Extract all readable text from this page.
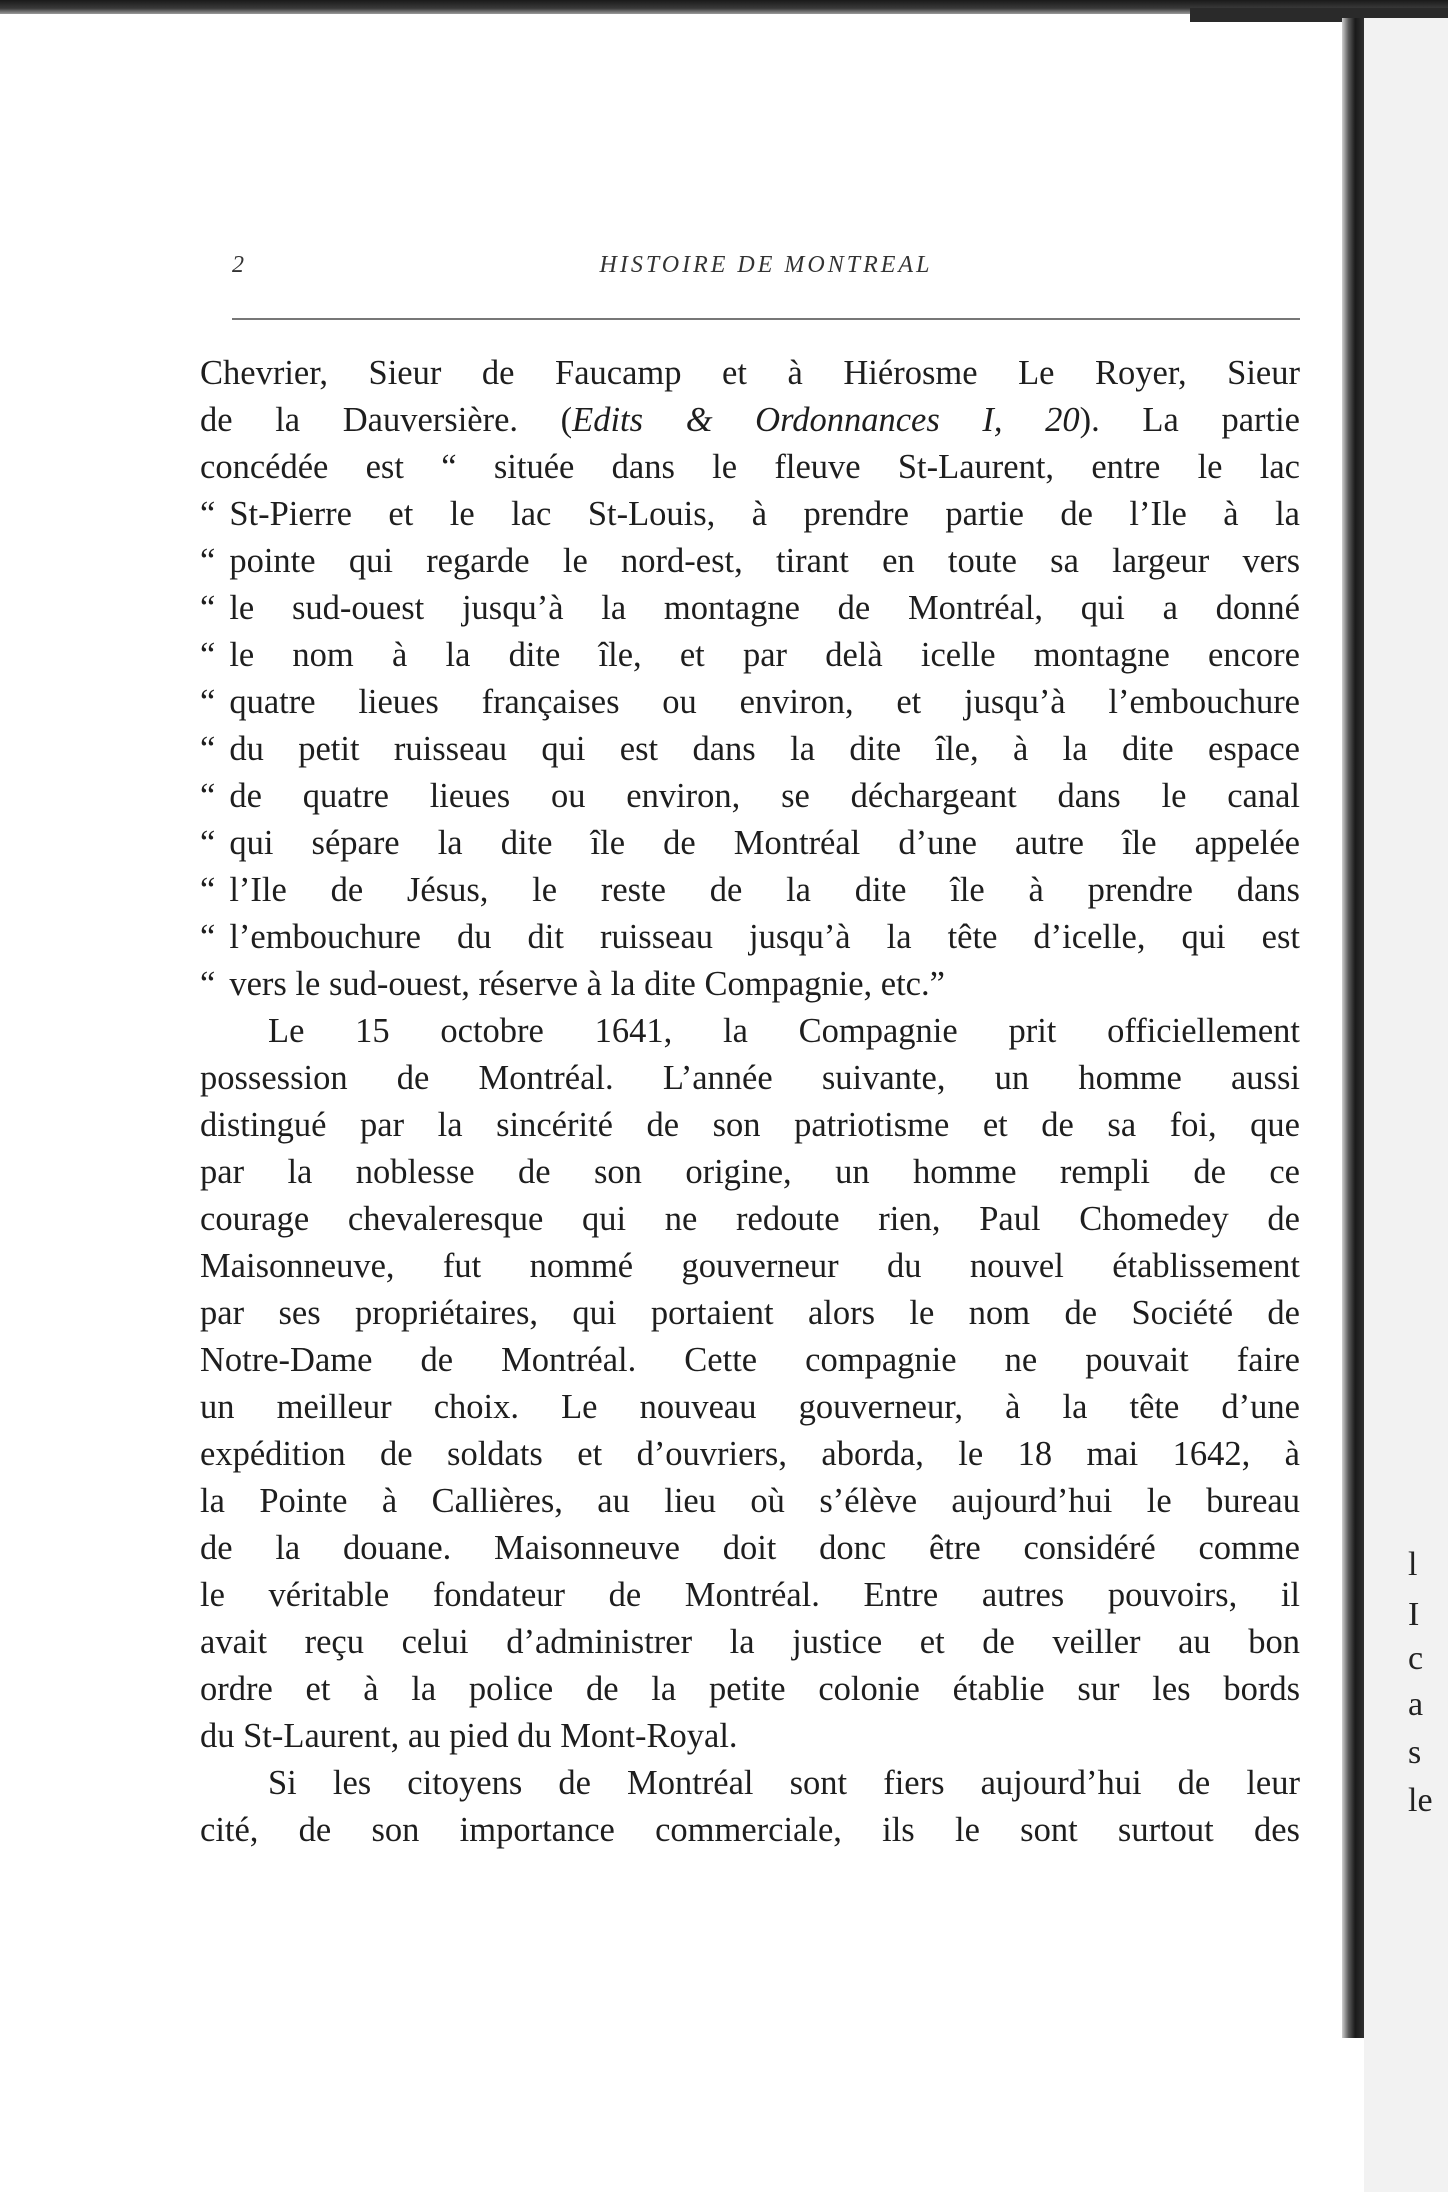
2	HISTOIRE DE MONTREAL
Chevrier, Sieur de Faucamp et à Hiérosme Le Royer, Sieur
de la Dauversière. (Edits & Ordonnances I, 20). La partie
concédée est “ située dans le fleuve St-Laurent, entre le lac
“ St-Pierre et le lac St-Louis, à prendre partie de l’Ile à la
“ pointe qui regarde le nord-est, tirant en toute sa largeur vers
“ le sud-ouest jusqu’à la montagne de Montréal, qui a donné
“ le nom à la dite île, et par delà icelle montagne encore
“ quatre lieues françaises ou environ, et jusqu’à l’embouchure
“ du petit ruisseau qui est dans la dite île, à la dite espace
“ de quatre lieues ou environ, se déchargeant dans le canal
“ qui sépare la dite île de Montréal d’une autre île appelée
“ l’Ile de Jésus, le reste de la dite île à prendre dans
“ l’embouchure du dit ruisseau jusqu’à la tête d’icelle, qui est
“ vers le sud-ouest, réserve à la dite Compagnie, etc.”
Le 15 octobre 1641, la Compagnie prit officiellement
possession de Montréal. L’année suivante, un homme aussi
distingué par la sincérité de son patriotisme et de sa foi, que
par la noblesse de son origine, un homme rempli de ce
courage chevaleresque qui ne redoute rien, Paul Chomedey de
Maisonneuve, fut nommé gouverneur du nouvel établissement
par ses propriétaires, qui portaient alors le nom de Société de
Notre-Dame de Montréal. Cette compagnie ne pouvait faire
un meilleur choix. Le nouveau gouverneur, à la tête d’une
expédition de soldats et d’ouvriers, aborda, le 18 mai 1642, à
la Pointe à Callières, au lieu où s’élève aujourd’hui le bureau
de la douane. Maisonneuve doit donc être considéré comme
le véritable fondateur de Montréal. Entre autres pouvoirs, il
avait reçu celui d’administrer la justice et de veiller au bon
ordre et à la police de la petite colonie établie sur les bords
du St-Laurent, au pied du Mont-Royal.
Si les citoyens de Montréal sont fiers aujourd’hui de leur
cité, de son importance commerciale, ils le sont surtout des
l
I
c
a
s
le
